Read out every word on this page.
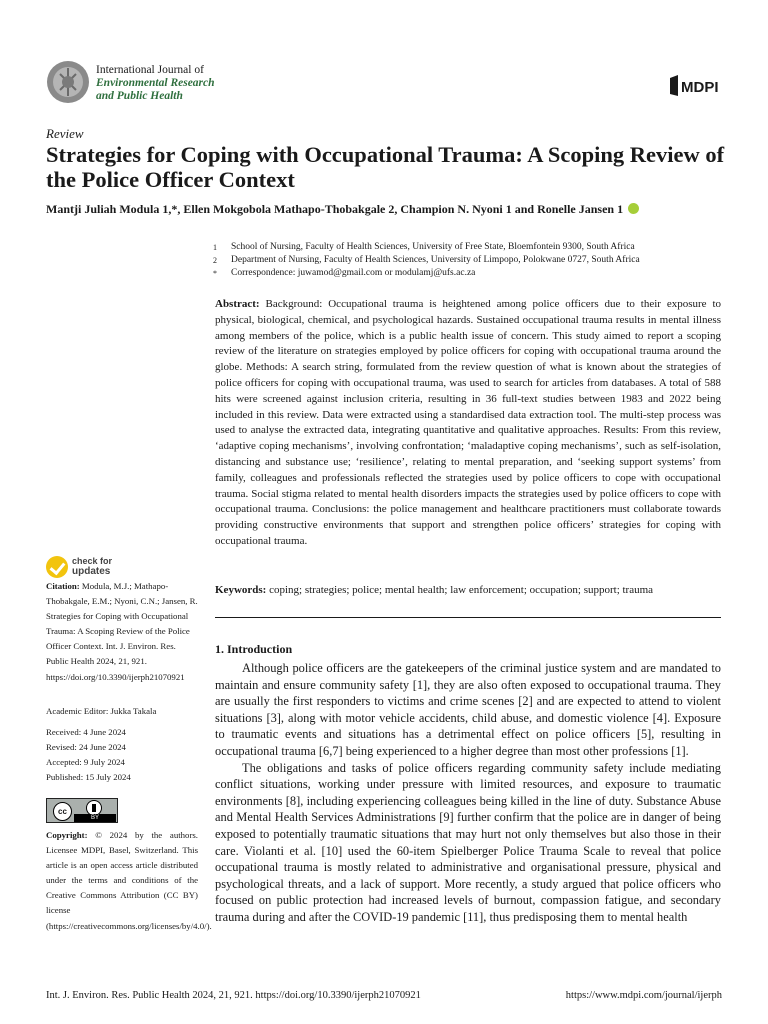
International Journal of
Environmental Research
and Public Health	MDPI
Review
Strategies for Coping with Occupational Trauma: A Scoping Review of the Police Officer Context
Mantji Juliah Modula 1,*, Ellen Mokgobola Mathapo-Thobakgale 2, Champion N. Nyoni 1 and Ronelle Jansen 1
1	School of Nursing, Faculty of Health Sciences, University of Free State, Bloemfontein 9300, South Africa
2	Department of Nursing, Faculty of Health Sciences, University of Limpopo, Polokwane 0727, South Africa
*	Correspondence: juwamod@gmail.com or modulamj@ufs.ac.za
Abstract: Background: Occupational trauma is heightened among police officers due to their exposure to physical, biological, chemical, and psychological hazards. Sustained occupational trauma results in mental illness among members of the police, which is a public health issue of concern. This study aimed to report a scoping review of the literature on strategies employed by police officers for coping with occupational trauma around the globe. Methods: A search string, formulated from the review question of what is known about the strategies of police officers for coping with occupational trauma, was used to search for articles from databases. A total of 588 hits were screened against inclusion criteria, resulting in 36 full-text studies between 1983 and 2022 being included in this review. Data were extracted using a standardised data extraction tool. The multi-step process was used to analyse the extracted data, integrating quantitative and qualitative approaches. Results: From this review, ‘adaptive coping mechanisms’, involving confrontation; ‘maladaptive coping mechanisms’, such as self-isolation, distancing and substance use; ‘resilience’, relating to mental preparation, and ‘seeking support systems’ from family, colleagues and professionals reflected the strategies used by police officers to cope with occupational trauma. Social stigma related to mental health disorders impacts the strategies used by police officers to cope with occupational trauma. Conclusions: the police management and healthcare practitioners must collaborate towards providing constructive environments that support and strengthen police officers’ strategies for coping with occupational trauma.
Keywords: coping; strategies; police; mental health; law enforcement; occupation; support; trauma
1. Introduction

Although police officers are the gatekeepers of the criminal justice system and are mandated to maintain and ensure community safety [1], they are also often exposed to occupational trauma. They are usually the first responders to victims and crime scenes [2] and are expected to attend to violent situations [3], along with motor vehicle accidents, child abuse, and domestic violence [4]. Exposure to traumatic events and situations has a detrimental effect on police officers [5], resulting in occupational trauma [6,7] being experienced to a higher degree than most other professions [1].

The obligations and tasks of police officers regarding community safety include mediating conflict situations, working under pressure with limited resources, and exposure to traumatic environments [8], including experiencing colleagues being killed in the line of duty. Substance Abuse and Mental Health Services Administrations [9] further confirm that the police are in danger of being exposed to potentially traumatic situations that may hurt not only themselves but also those in their care. Violanti et al. [10] used the 60-item Spielberger Police Trauma Scale to reveal that police occupational trauma is mostly related to administrative and organisational pressure, physical and psychological threats, and a lack of support. More recently, a study argued that police officers who focused on public protection had increased levels of burnout, compassion fatigue, and secondary trauma during and after the COVID-19 pandemic [11], thus predisposing them to mental health

check for
updates
Citation: Modula, M.J.; Mathapo-Thobakgale, E.M.; Nyoni, C.N.; Jansen, R. Strategies for Coping with Occupational Trauma: A Scoping Review of the Police Officer Context. Int. J. Environ. Res. Public Health 2024, 21, 921. https://doi.org/10.3390/ijerph21070921
Academic Editor: Jukka Takala
Received: 4 June 2024
Revised: 24 June 2024
Accepted: 9 July 2024
Published: 15 July 2024
cc
BY
Copyright: © 2024 by the authors. Licensee MDPI, Basel, Switzerland. This article is an open access article distributed under the terms and conditions of the Creative Commons Attribution (CC BY) license (https://creativecommons.org/licenses/by/4.0/).
Int. J. Environ. Res. Public Health 2024, 21, 921. https://doi.org/10.3390/ijerph21070921	https://www.mdpi.com/journal/ijerph
